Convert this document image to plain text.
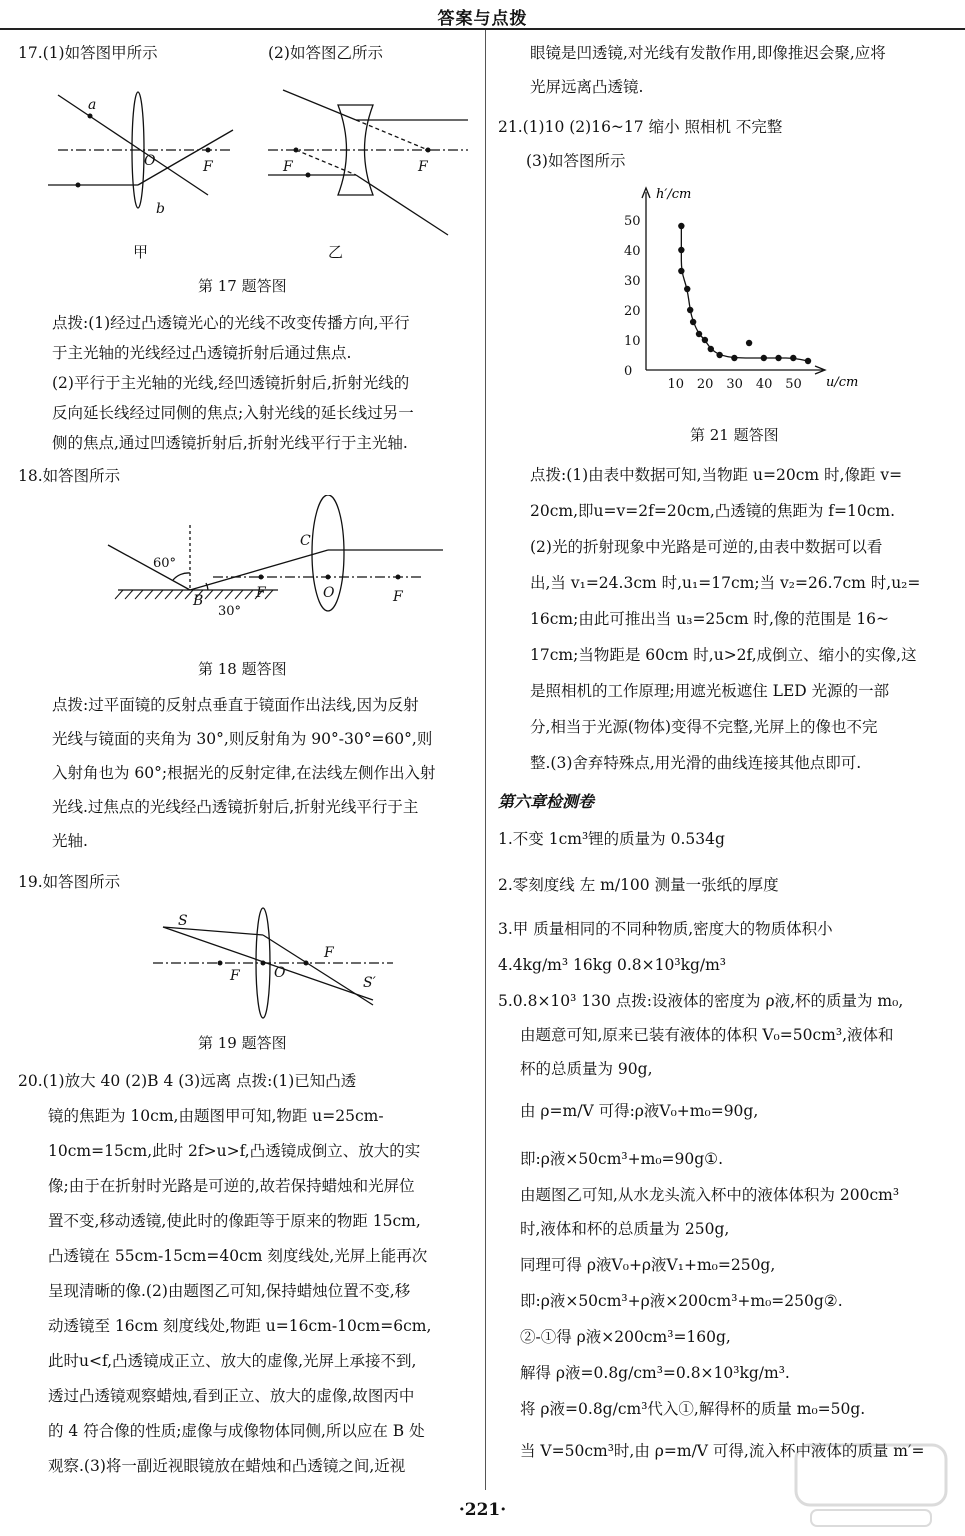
答案与点拨
17.(1)如答图甲所示	(2)如答图乙所示
a
O	F
b
F	F
甲	乙
第 17 题答图
点拨:(1)经过凸透镜光心的光线不改变传播方向,平行
于主光轴的光线经过凸透镜折射后通过焦点.
(2)平行于主光轴的光线,经凹透镜折射后,折射光线的
反向延长线经过同侧的焦点;入射光线的延长线过另一
侧的焦点,通过凹透镜折射后,折射光线平行于主光轴.
18.如答图所示
C
B	F	O	F
60°
30°
第 18 题答图
点拨:过平面镜的反射点垂直于镜面作出法线,因为反射
光线与镜面的夹角为 30°,则反射角为 90°-30°=60°,则
入射角也为 60°;根据光的反射定律,在法线左侧作出入射
光线.过焦点的光线经凸透镜折射后,折射光线平行于主
光轴.
19.如答图所示
S
F O
F
S′
第 19 题答图
20.(1)放大 40 (2)B 4 (3)远离 点拨:(1)已知凸透
镜的焦距为 10cm,由题图甲可知,物距 u=25cm-
10cm=15cm,此时 2f>u>f,凸透镜成倒立、放大的实
像;由于在折射时光路是可逆的,故若保持蜡烛和光屏位
置不变,移动透镜,使此时的像距等于原来的物距 15cm,
凸透镜在 55cm-15cm=40cm 刻度线处,光屏上能再次
呈现清晰的像.(2)由题图乙可知,保持蜡烛位置不变,移
动透镜至 16cm 刻度线处,物距 u=16cm-10cm=6cm,
此时u<f,凸透镜成正立、放大的虚像,光屏上承接不到,
透过凸透镜观察蜡烛,看到正立、放大的虚像,故图丙中
的 4 符合像的性质;虚像与成像物体同侧,所以应在 B 处
观察.(3)将一副近视眼镜放在蜡烛和凸透镜之间,近视
眼镜是凹透镜,对光线有发散作用,即像推迟会聚,应将
光屏远离凸透镜.
21.(1)10 (2)16~17 缩小 照相机 不完整
(3)如答图所示
h′/cm
u/cm
0
10
20
30
40
50
10 20 30 40 50
第 21 题答图
点拨:(1)由表中数据可知,当物距 u=20cm 时,像距 v=
20cm,即u=v=2f=20cm,凸透镜的焦距为 f=10cm.
(2)光的折射现象中光路是可逆的,由表中数据可以看
出,当 v₁=24.3cm 时,u₁=17cm;当 v₂=26.7cm 时,u₂=
16cm;由此可推出当 u₃=25cm 时,像的范围是 16~
17cm;当物距是 60cm 时,u>2f,成倒立、缩小的实像,这
是照相机的工作原理;用遮光板遮住 LED 光源的一部
分,相当于光源(物体)变得不完整,光屏上的像也不完
整.(3)舍弃特殊点,用光滑的曲线连接其他点即可.
第六章检测卷
1.不变 1cm³锂的质量为 0.534g
2.零刻度线 左 m/100 测量一张纸的厚度
3.甲 质量相同的不同种物质,密度大的物质体积小
4.4kg/m³ 16kg 0.8×10³kg/m³
5.0.8×10³ 130 点拨:设液体的密度为 ρ液,杯的质量为 m₀,
由题意可知,原来已装有液体的体积 V₀=50cm³,液体和
杯的总质量为 90g,
由 ρ=m/V 可得:ρ液V₀+m₀=90g,
即:ρ液×50cm³+m₀=90g①.
由题图乙可知,从水龙头流入杯中的液体体积为 200cm³
时,液体和杯的总质量为 250g,
同理可得 ρ液V₀+ρ液V₁+m₀=250g,
即:ρ液×50cm³+ρ液×200cm³+m₀=250g②.
②-①得 ρ液×200cm³=160g,
解得 ρ液=0.8g/cm³=0.8×10³kg/m³.
将 ρ液=0.8g/cm³代入①,解得杯的质量 m₀=50g.
当 V=50cm³时,由 ρ=m/V 可得,流入杯中液体的质量 m′=
·221·
